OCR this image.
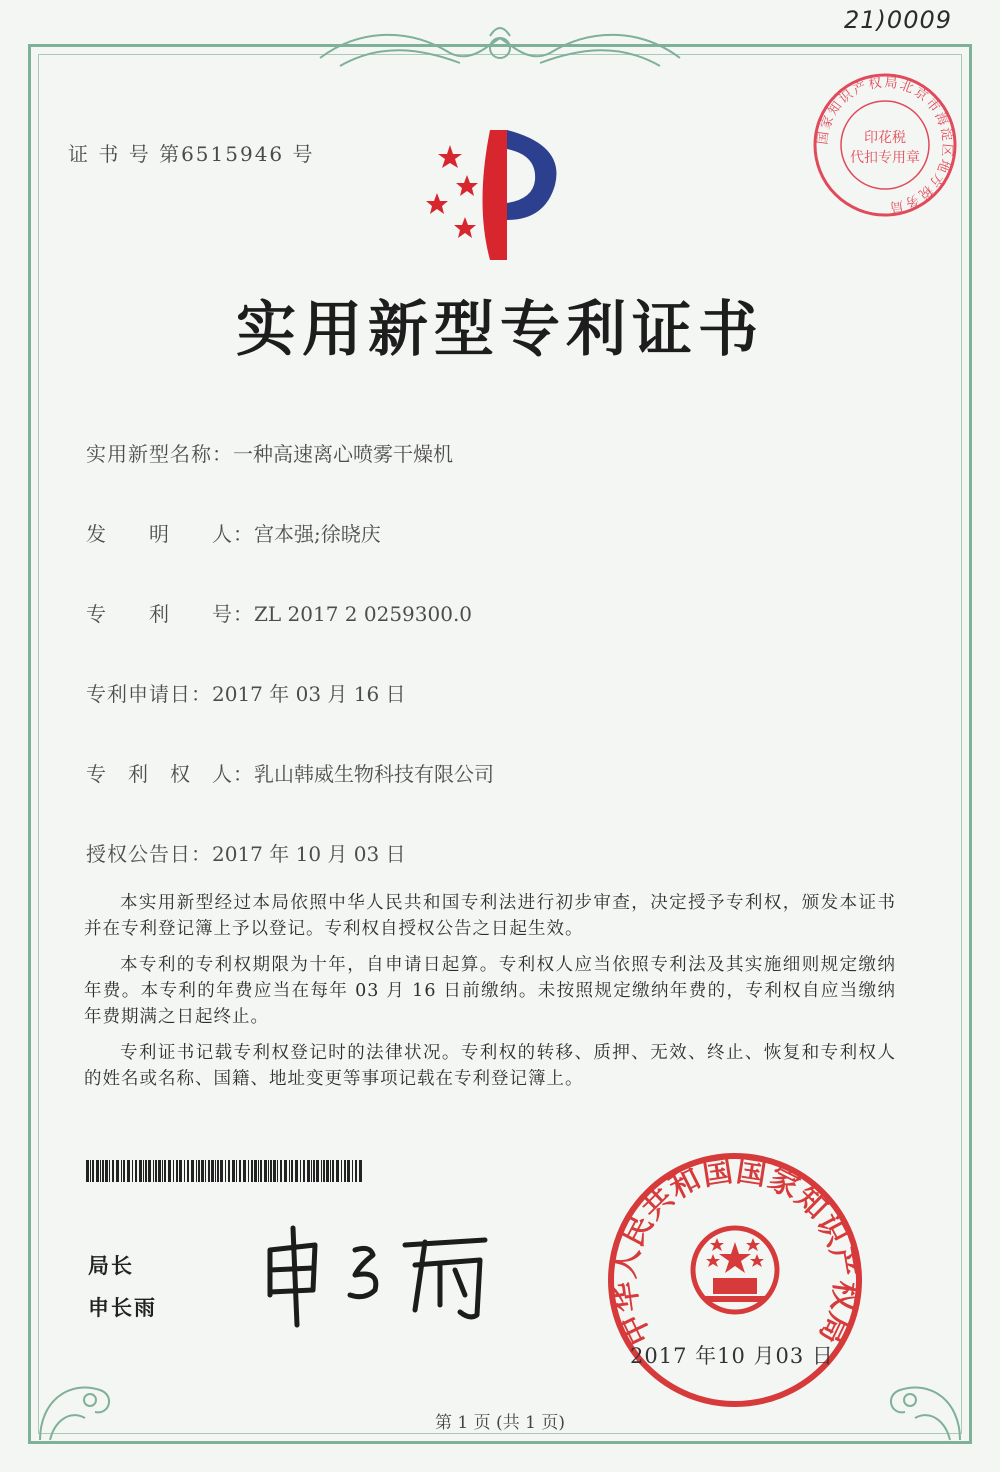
21)0009
证 书 号 第6515946 号
国家知识产权局北京市海淀区地方税务局
印花税
代扣专用章
实用新型专利证书
实用新型名称：一种高速离心喷雾干燥机
发　　明　　人：宫本强;徐晓庆
专　　利　　号：ZL 2017 2 0259300.0
专利申请日：2017 年 03 月 16 日
专　利　权　人：乳山韩威生物科技有限公司
授权公告日：2017 年 10 月 03 日

本实用新型经过本局依照中华人民共和国专利法进行初步审查，决定授予专利权，颁发本证书并在专利登记簿上予以登记。专利权自授权公告之日起生效。

本专利的专利权期限为十年，自申请日起算。专利权人应当依照专利法及其实施细则规定缴纳年费。本专利的年费应当在每年 03 月 16 日前缴纳。未按照规定缴纳年费的，专利权自应当缴纳年费期满之日起终止。

专利证书记载专利权登记时的法律状况。专利权的转移、质押、无效、终止、恢复和专利权人的姓名或名称、国籍、地址变更等事项记载在专利登记簿上。

局长
申长雨	中华人民共和国国家知识产权局
2017 年10 月03 日
第 1 页 (共 1 页)
